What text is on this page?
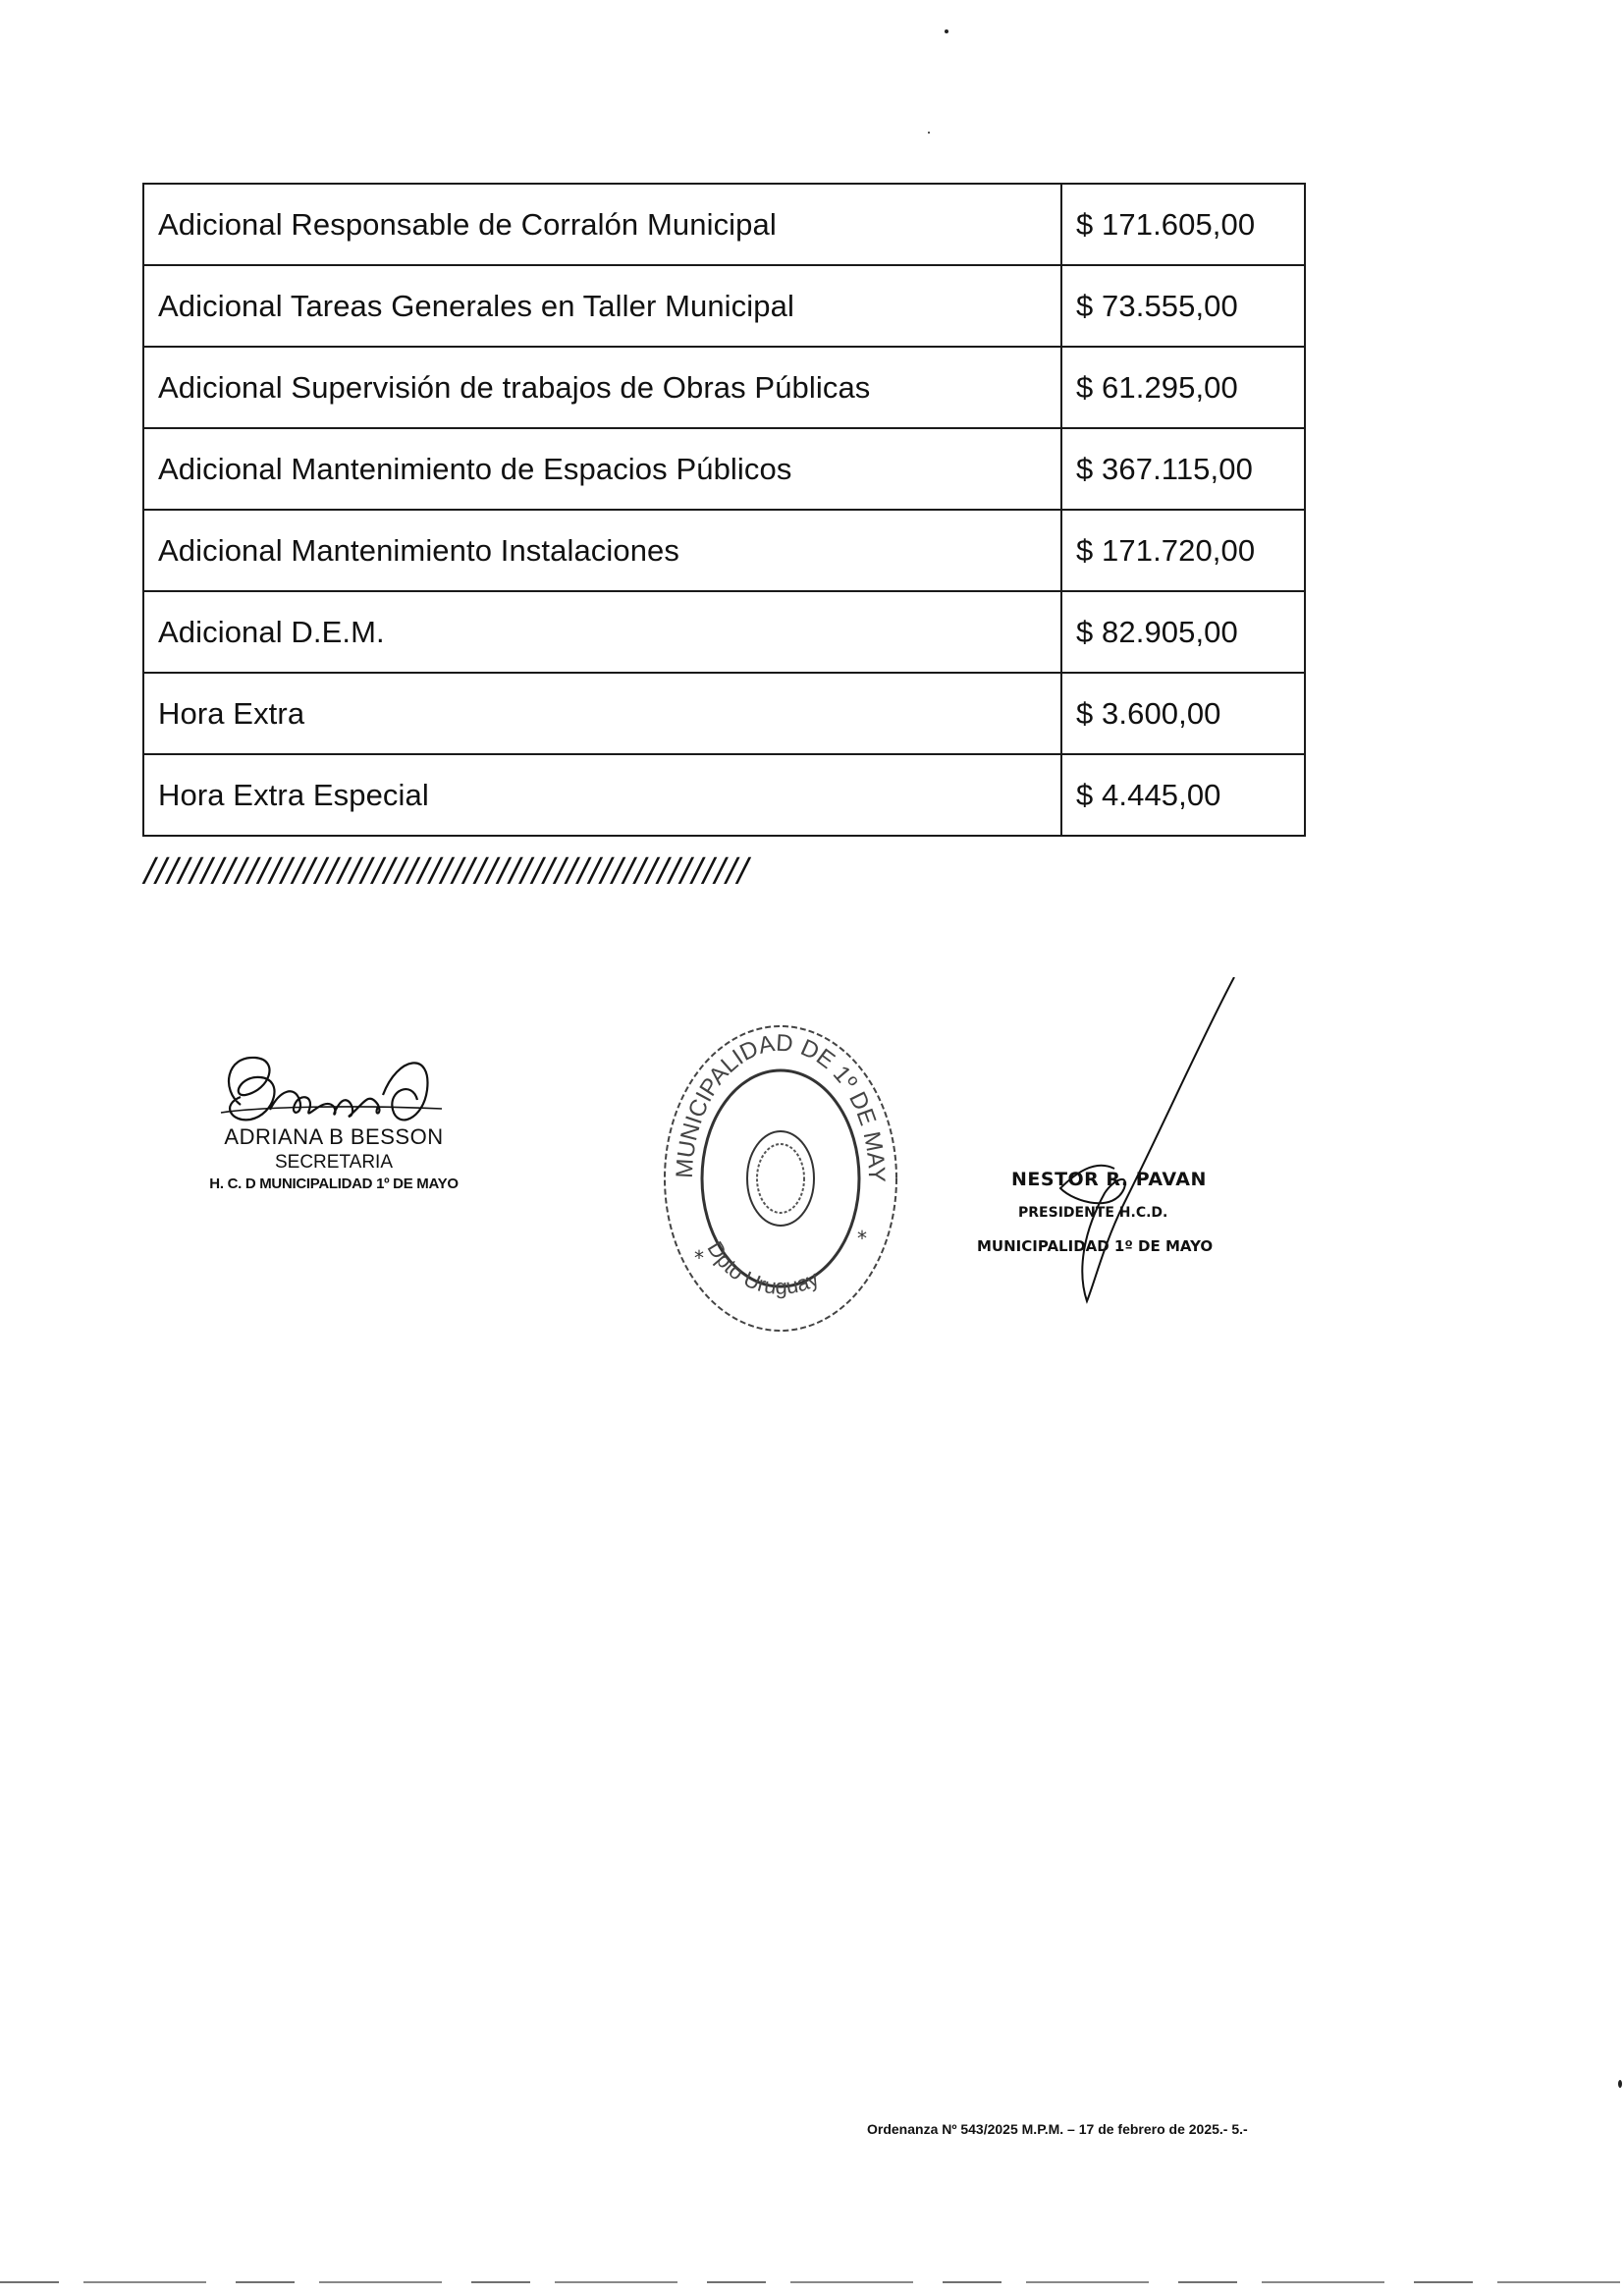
Adicional Responsable de Corralón Municipal	$ 171.605,00
Adicional Tareas Generales en Taller Municipal	$ 73.555,00
Adicional Supervisión de trabajos de Obras Públicas	$ 61.295,00
Adicional Mantenimiento de Espacios Públicos	$ 367.115,00
Adicional Mantenimiento Instalaciones	$ 171.720,00
Adicional D.E.M.	$ 82.905,00
Hora Extra	$ 3.600,00
Hora Extra Especial	$ 4.445,00
/////////////////////////////////////////////////////
ADRIANA B BESSON
SECRETARIA
H. C. D MUNICIPALIDAD 1º DE MAYO
MUNICIPALIDAD DE 1º DE MAY
Dpto Uruguay
*
*
NESTOR R. PAVAN
PRESIDENTE H.C.D.
MUNICIPALIDAD 1º DE MAYO
Ordenanza Nº 543/2025 M.P.M. – 17 de febrero de 2025.- 5.-
